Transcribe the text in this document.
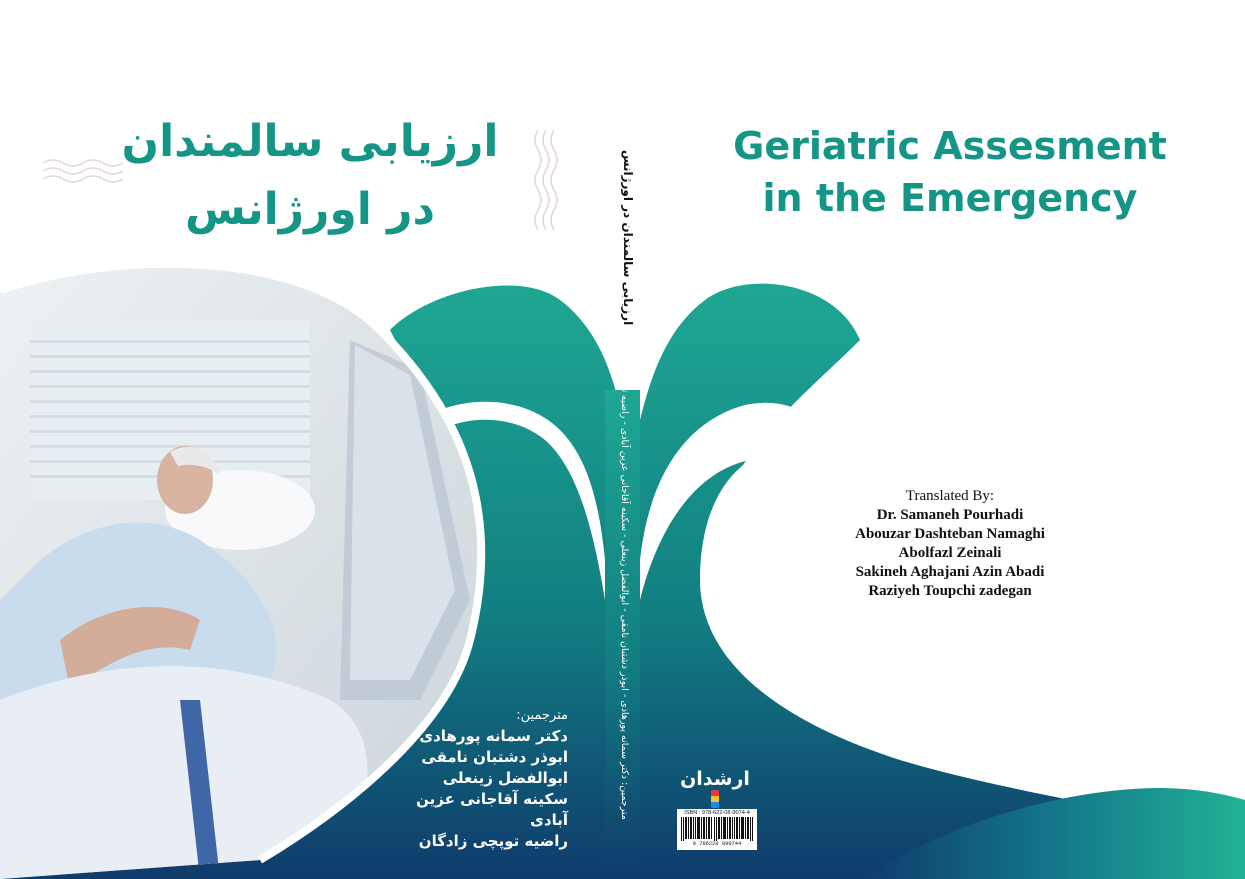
ارزیابی سالمندان
در اورژانس
مترجمین:
دکتر سمانه پورهادی
ابوذر دشتبان نامقی
ابوالفضل زینعلی
سکینه آقاجانی عزین آبادی
راضیه توپچی زادگان
ارزیابی سالمندان در اورژانس
مترجمین: دکتر سمانه پورهادی - ابوذر دشتبان نامقی - ابوالفضل زینعلی - سکینه آقاجانی عزین آبادی - راضیه توپچی زادگان
Geriatric Assesment
in the Emergency
Translated By:
Dr. Samaneh Pourhadi
Abouzar Dashteban Namaghi
Abolfazl Zeinali
Sakineh Aghajani Azin Abadi
Raziyeh Toupchi zadegan
ارشدان
ISBN : 978-622-08-9074-4
9 786220 890744
